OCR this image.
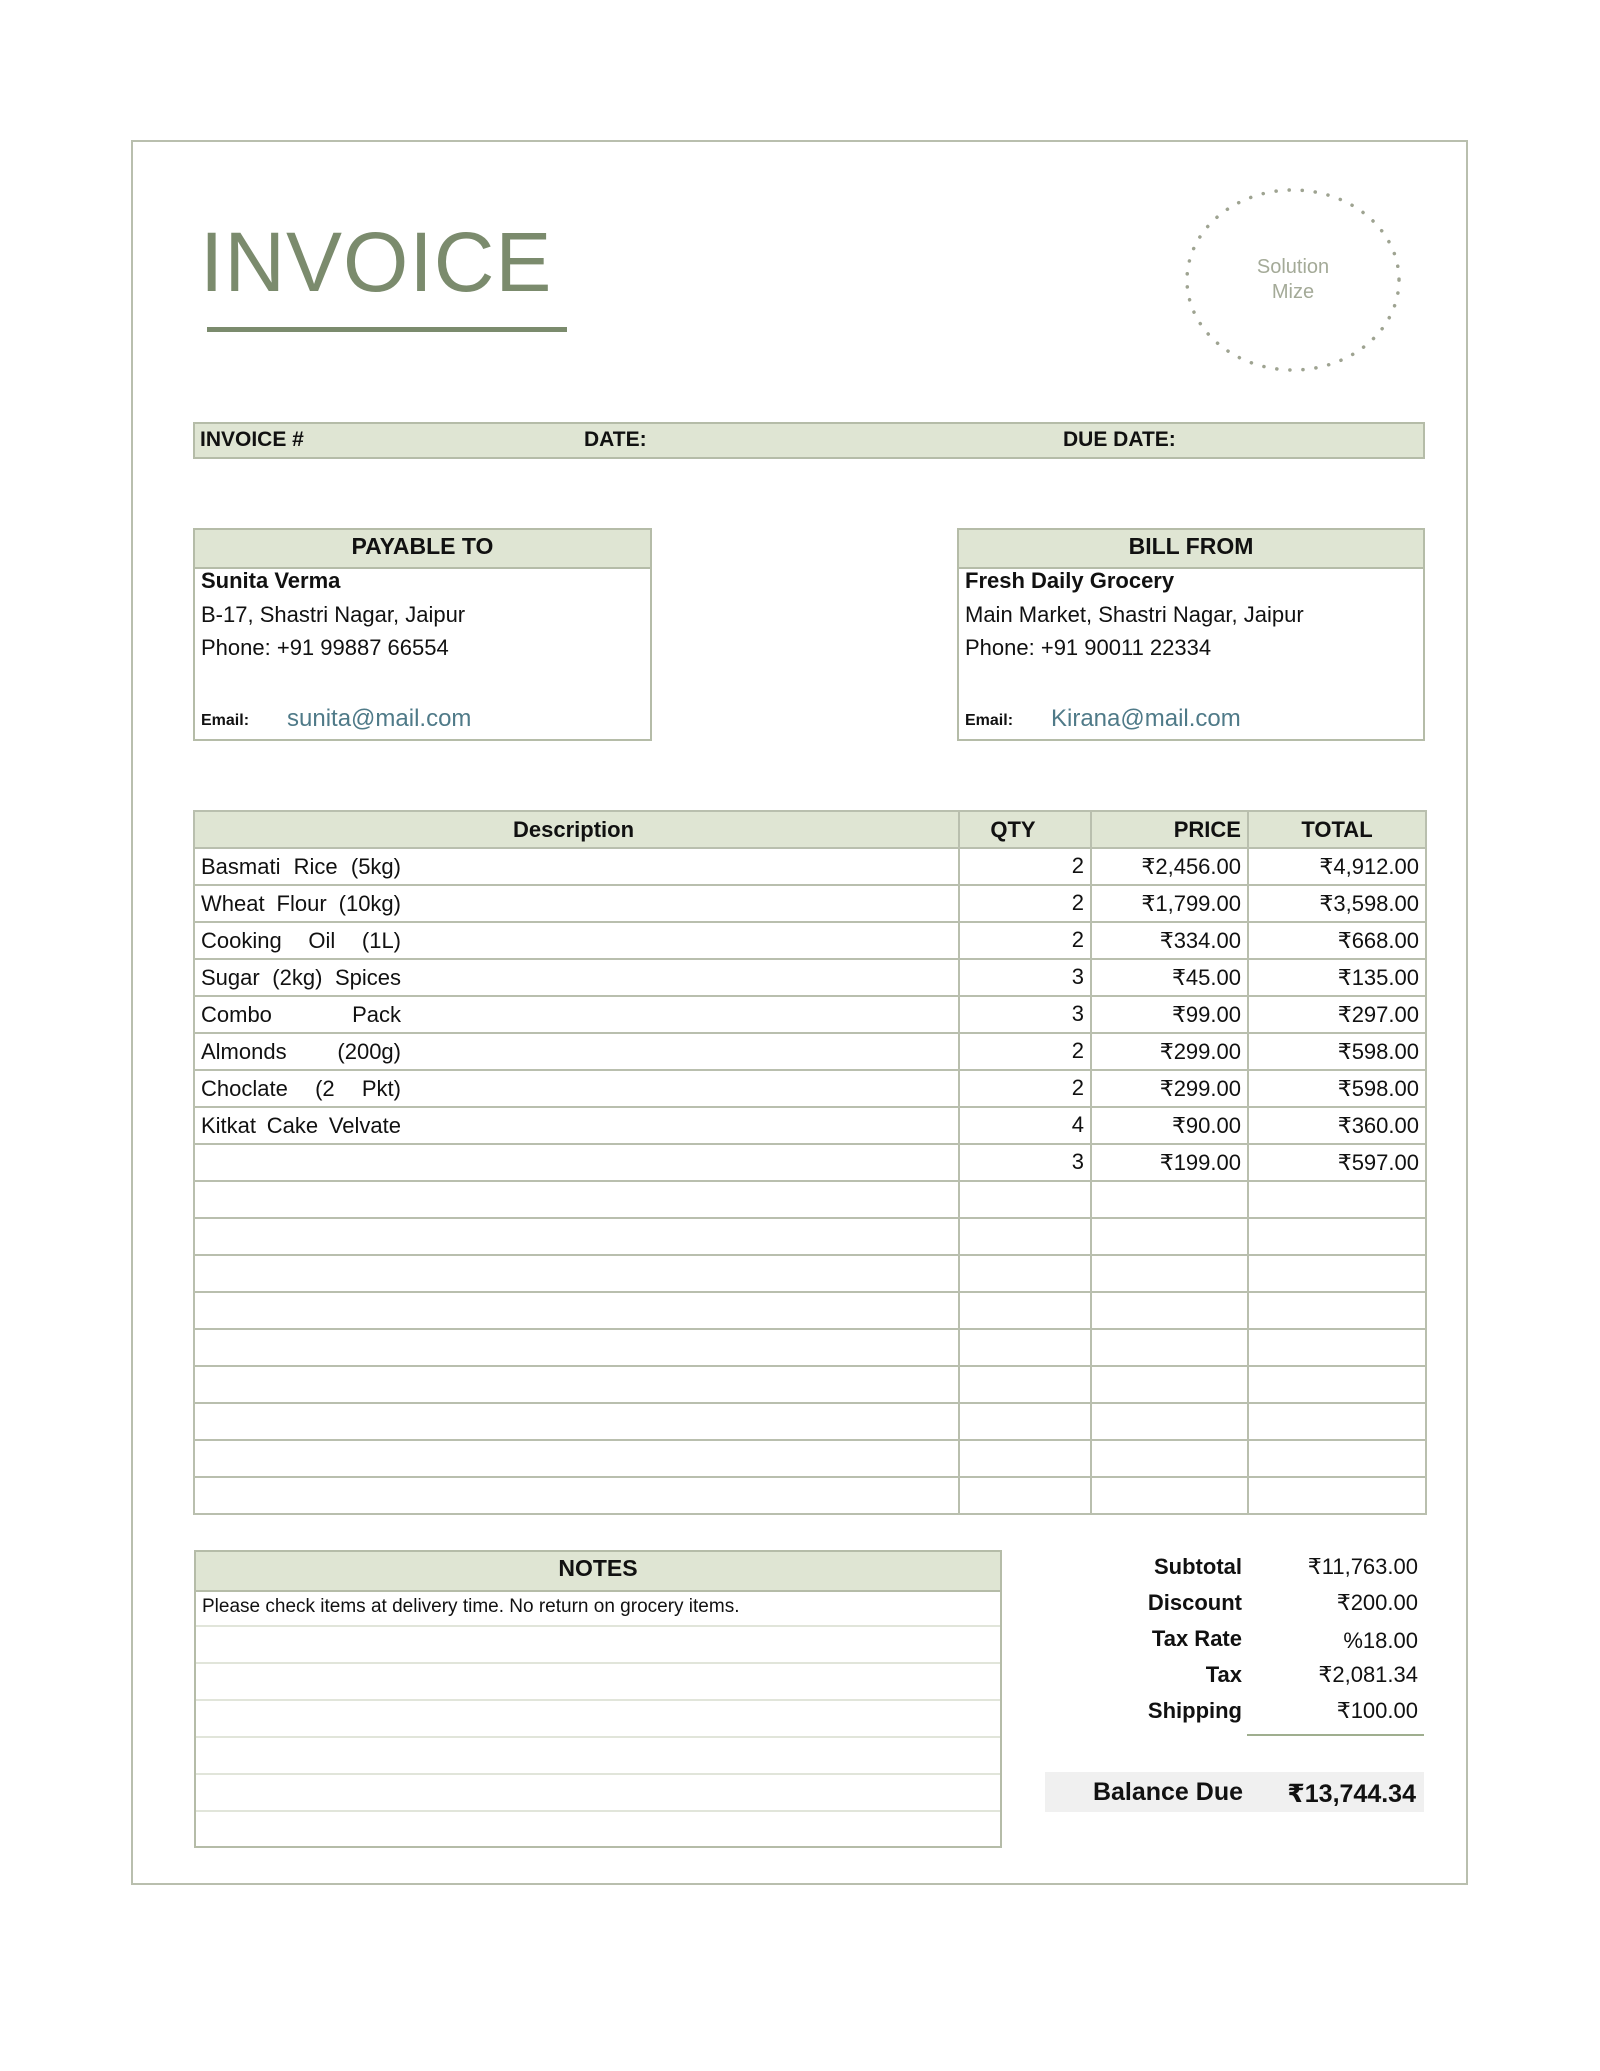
INVOICE	Solution
Mize
INVOICE #	DATE:	DUE DATE:
PAYABLE TO
Sunita Verma
B-17, Shastri Nagar, Jaipur
Phone: +91 99887 66554
Email: sunita@mail.com
BILL FROM
Fresh Daily Grocery
Main Market, Shastri Nagar, Jaipur
Phone: +91 90011 22334
Email: Kirana@mail.com
Description	QTY	PRICE	TOTAL
Basmati Rice (5kg)	2	₹2,456.00	₹4,912.00
Wheat Flour (10kg)	2	₹1,799.00	₹3,598.00
Cooking Oil (1L)	2	₹334.00	₹668.00
Sugar (2kg) Spices	3	₹45.00	₹135.00
Combo Pack	3	₹99.00	₹297.00
Almonds (200g)	2	₹299.00	₹598.00
Choclate (2 Pkt)	2	₹299.00	₹598.00
Kitkat Cake Velvate	4	₹90.00	₹360.00
	3	₹199.00	₹597.00

NOTES
Please check items at delivery time. No return on grocery items.
Subtotal	₹11,763.00
Discount	₹200.00
Tax Rate	%18.00
Tax	₹2,081.34
Shipping	₹100.00
Balance Due	₹13,744.34
